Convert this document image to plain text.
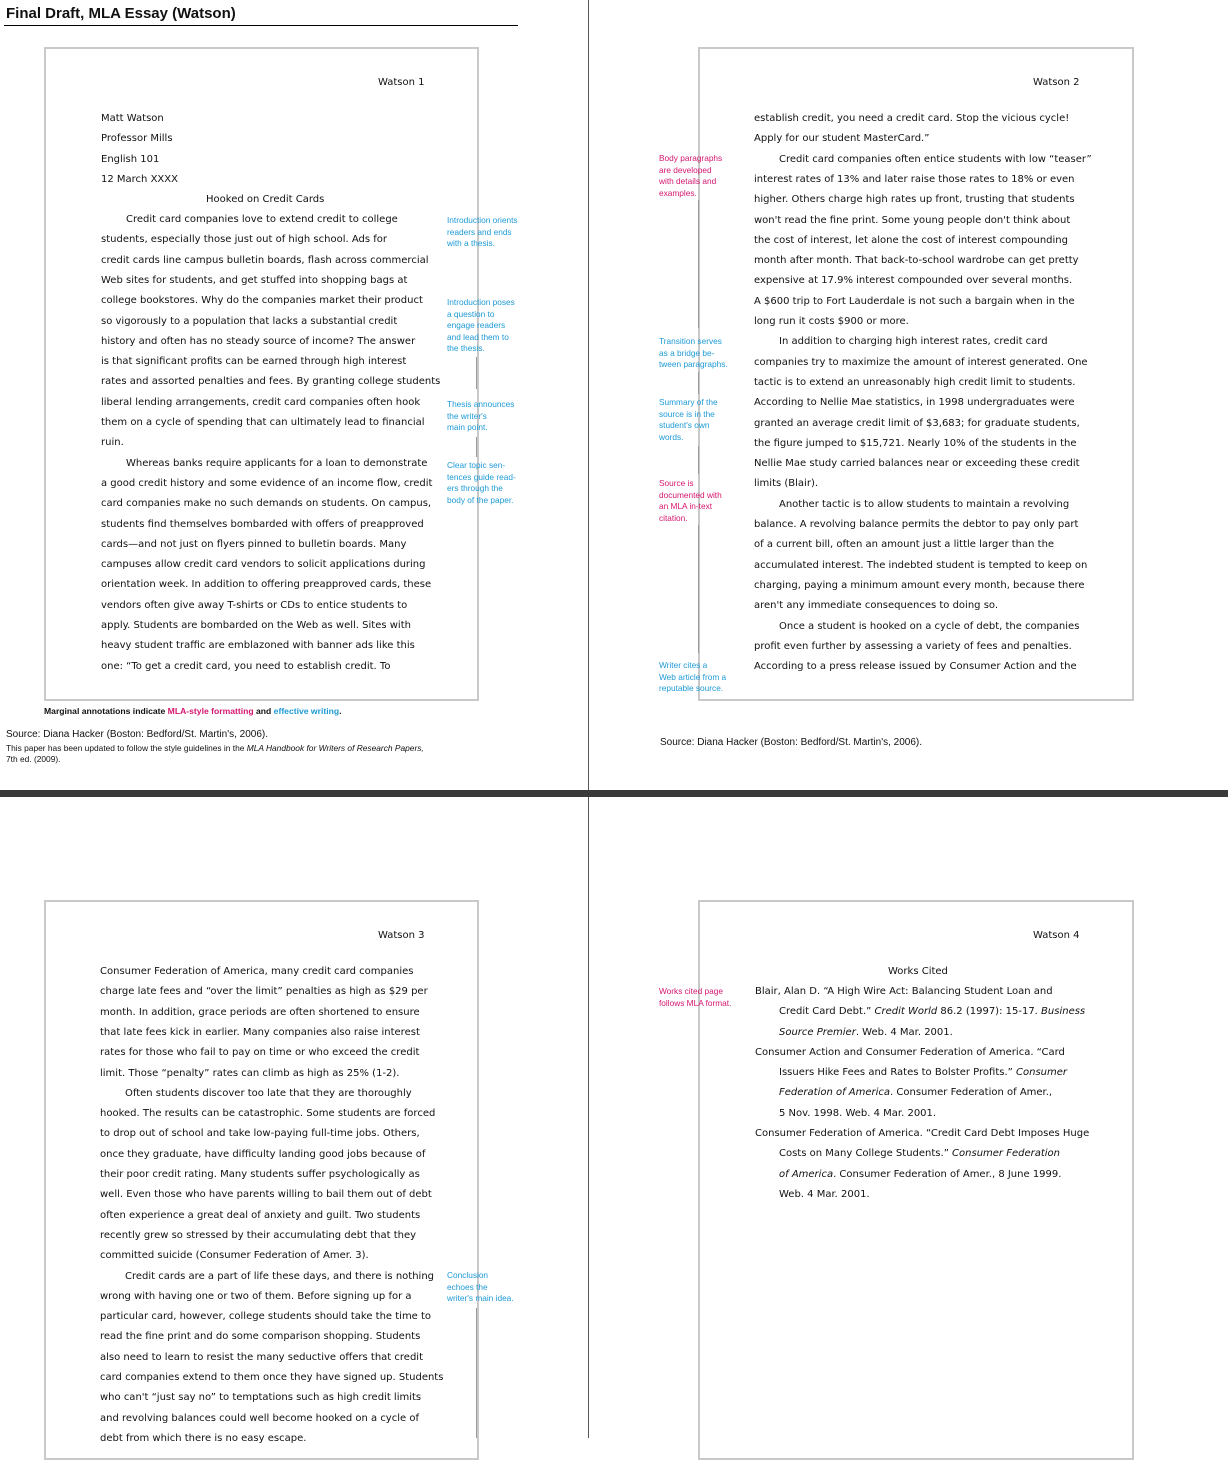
Final Draft, MLA Essay (Watson)
Watson 1
Matt Watson
Professor Mills
English 101
12 March XXXX
Hooked on Credit Cards
Credit card companies love to extend credit to college
students, especially those just out of high school. Ads for
credit cards line campus bulletin boards, flash across commercial
Web sites for students, and get stuffed into shopping bags at
college bookstores. Why do the companies market their product
so vigorously to a population that lacks a substantial credit
history and often has no steady source of income? The answer
is that significant profits can be earned through high interest
rates and assorted penalties and fees. By granting college students
liberal lending arrangements, credit card companies often hook
them on a cycle of spending that can ultimately lead to financial
ruin.
Whereas banks require applicants for a loan to demonstrate
a good credit history and some evidence of an income flow, credit
card companies make no such demands on students. On campus,
students find themselves bombarded with offers of preapproved
cards—and not just on flyers pinned to bulletin boards. Many
campuses allow credit card vendors to solicit applications during
orientation week. In addition to offering preapproved cards, these
vendors often give away T-shirts or CDs to entice students to
apply. Students are bombarded on the Web as well. Sites with
heavy student traffic are emblazoned with banner ads like this
one: “To get a credit card, you need to establish credit. To
Introduction orients
readers and ends
with a thesis.
Introduction poses
a question to
engage readers
and lead them to
the thesis.
Thesis announces
the writer's
main point.
Clear topic sen-
tences guide read-
ers through the
body of the paper.
Marginal annotations indicate MLA-style formatting and effective writing.
Source: Diana Hacker (Boston: Bedford/St. Martin's, 2006).
This paper has been updated to follow the style guidelines in the MLA Handbook for Writers of Research Papers,
7th ed. (2009).
Watson 2
establish credit, you need a credit card. Stop the vicious cycle!
Apply for our student MasterCard.”
Credit card companies often entice students with low “teaser”
interest rates of 13% and later raise those rates to 18% or even
higher. Others charge high rates up front, trusting that students
won't read the fine print. Some young people don't think about
the cost of interest, let alone the cost of interest compounding
month after month. That back-to-school wardrobe can get pretty
expensive at 17.9% interest compounded over several months.
A $600 trip to Fort Lauderdale is not such a bargain when in the
long run it costs $900 or more.
In addition to charging high interest rates, credit card
companies try to maximize the amount of interest generated. One
tactic is to extend an unreasonably high credit limit to students.
According to Nellie Mae statistics, in 1998 undergraduates were
granted an average credit limit of $3,683; for graduate students,
the figure jumped to $15,721. Nearly 10% of the students in the
Nellie Mae study carried balances near or exceeding these credit
limits (Blair).
Another tactic is to allow students to maintain a revolving
balance. A revolving balance permits the debtor to pay only part
of a current bill, often an amount just a little larger than the
accumulated interest. The indebted student is tempted to keep on
charging, paying a minimum amount every month, because there
aren't any immediate consequences to doing so.
Once a student is hooked on a cycle of debt, the companies
profit even further by assessing a variety of fees and penalties.
According to a press release issued by Consumer Action and the
Body paragraphs
are developed
with details and
examples.
Transition serves
as a bridge be-
tween paragraphs.
Summary of the
source is in the
student's own
words.
Source is
documented with
an MLA in-text
citation.
Writer cites a
Web article from a
reputable source.
Source: Diana Hacker (Boston: Bedford/St. Martin's, 2006).
Watson 3
Consumer Federation of America, many credit card companies
charge late fees and “over the limit” penalties as high as $29 per
month. In addition, grace periods are often shortened to ensure
that late fees kick in earlier. Many companies also raise interest
rates for those who fail to pay on time or who exceed the credit
limit. Those “penalty” rates can climb as high as 25% (1-2).
Often students discover too late that they are thoroughly
hooked. The results can be catastrophic. Some students are forced
to drop out of school and take low-paying full-time jobs. Others,
once they graduate, have difficulty landing good jobs because of
their poor credit rating. Many students suffer psychologically as
well. Even those who have parents willing to bail them out of debt
often experience a great deal of anxiety and guilt. Two students
recently grew so stressed by their accumulating debt that they
committed suicide (Consumer Federation of Amer. 3).
Credit cards are a part of life these days, and there is nothing
wrong with having one or two of them. Before signing up for a
particular card, however, college students should take the time to
read the fine print and do some comparison shopping. Students
also need to learn to resist the many seductive offers that credit
card companies extend to them once they have signed up. Students
who can't “just say no” to temptations such as high credit limits
and revolving balances could well become hooked on a cycle of
debt from which there is no easy escape.
Conclusion
echoes the
writer's main idea.
Watson 4
Works Cited
Blair, Alan D. “A High Wire Act: Balancing Student Loan and
Credit Card Debt.” Credit World 86.2 (1997): 15-17. Business
Source Premier. Web. 4 Mar. 2001.
Consumer Action and Consumer Federation of America. “Card
Issuers Hike Fees and Rates to Bolster Profits.” Consumer
Federation of America. Consumer Federation of Amer.,
5 Nov. 1998. Web. 4 Mar. 2001.
Consumer Federation of America. “Credit Card Debt Imposes Huge
Costs on Many College Students.” Consumer Federation
of America. Consumer Federation of Amer., 8 June 1999.
Web. 4 Mar. 2001.
Works cited page
follows MLA format.
